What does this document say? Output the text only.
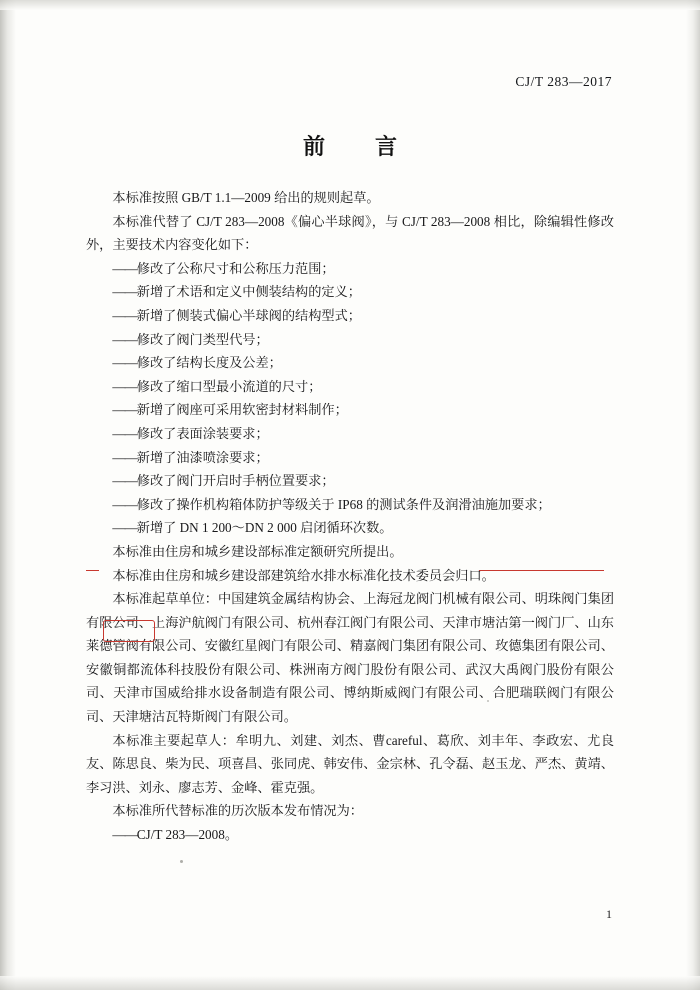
CJ/T 283—2017
前　言

本标准按照 GB/T 1.1—2009 给出的规则起草。

本标准代替了 CJ/T 283—2008《偏心半球阀》，与 CJ/T 283—2008 相比，除编辑性修改外，主要技术内容变化如下：

——修改了公称尺寸和公称压力范围；

——新增了术语和定义中侧装结构的定义；

——新增了侧装式偏心半球阀的结构型式；

——修改了阀门类型代号；

——修改了结构长度及公差；

——修改了缩口型最小流道的尺寸；

——新增了阀座可采用软密封材料制作；

——修改了表面涂装要求；

——新增了油漆喷涂要求；

——修改了阀门开启时手柄位置要求；

——修改了操作机构箱体防护等级关于 IP68 的测试条件及润滑油施加要求；

——新增了 DN 1 200～DN 2 000 启闭循环次数。

本标准由住房和城乡建设部标准定额研究所提出。

本标准由住房和城乡建设部建筑给水排水标准化技术委员会归口。

本标准起草单位：中国建筑金属结构协会、上海冠龙阀门机械有限公司、明珠阀门集团有限公司、上海沪航阀门有限公司、杭州春江阀门有限公司、天津市塘沽第一阀门厂、山东莱德管阀有限公司、安徽红星阀门有限公司、精嘉阀门集团有限公司、玫德集团有限公司、安徽铜都流体科技股份有限公司、株洲南方阀门股份有限公司、武汉大禹阀门股份有限公司、天津市国威给排水设备制造有限公司、博纳斯威阀门有限公司、合肥瑞联阀门有限公司、天津塘沽瓦特斯阀门有限公司。

本标准主要起草人：牟明九、刘建、刘杰、曹careful、葛欣、刘丰年、李政宏、尤良友、陈思良、柴为民、项喜昌、张同虎、韩安伟、金宗林、孔令磊、赵玉龙、严杰、黄靖、李习洪、刘永、廖志芳、金峰、霍克强。

本标准所代替标准的历次版本发布情况为：

——CJ/T 283—2008。

1
